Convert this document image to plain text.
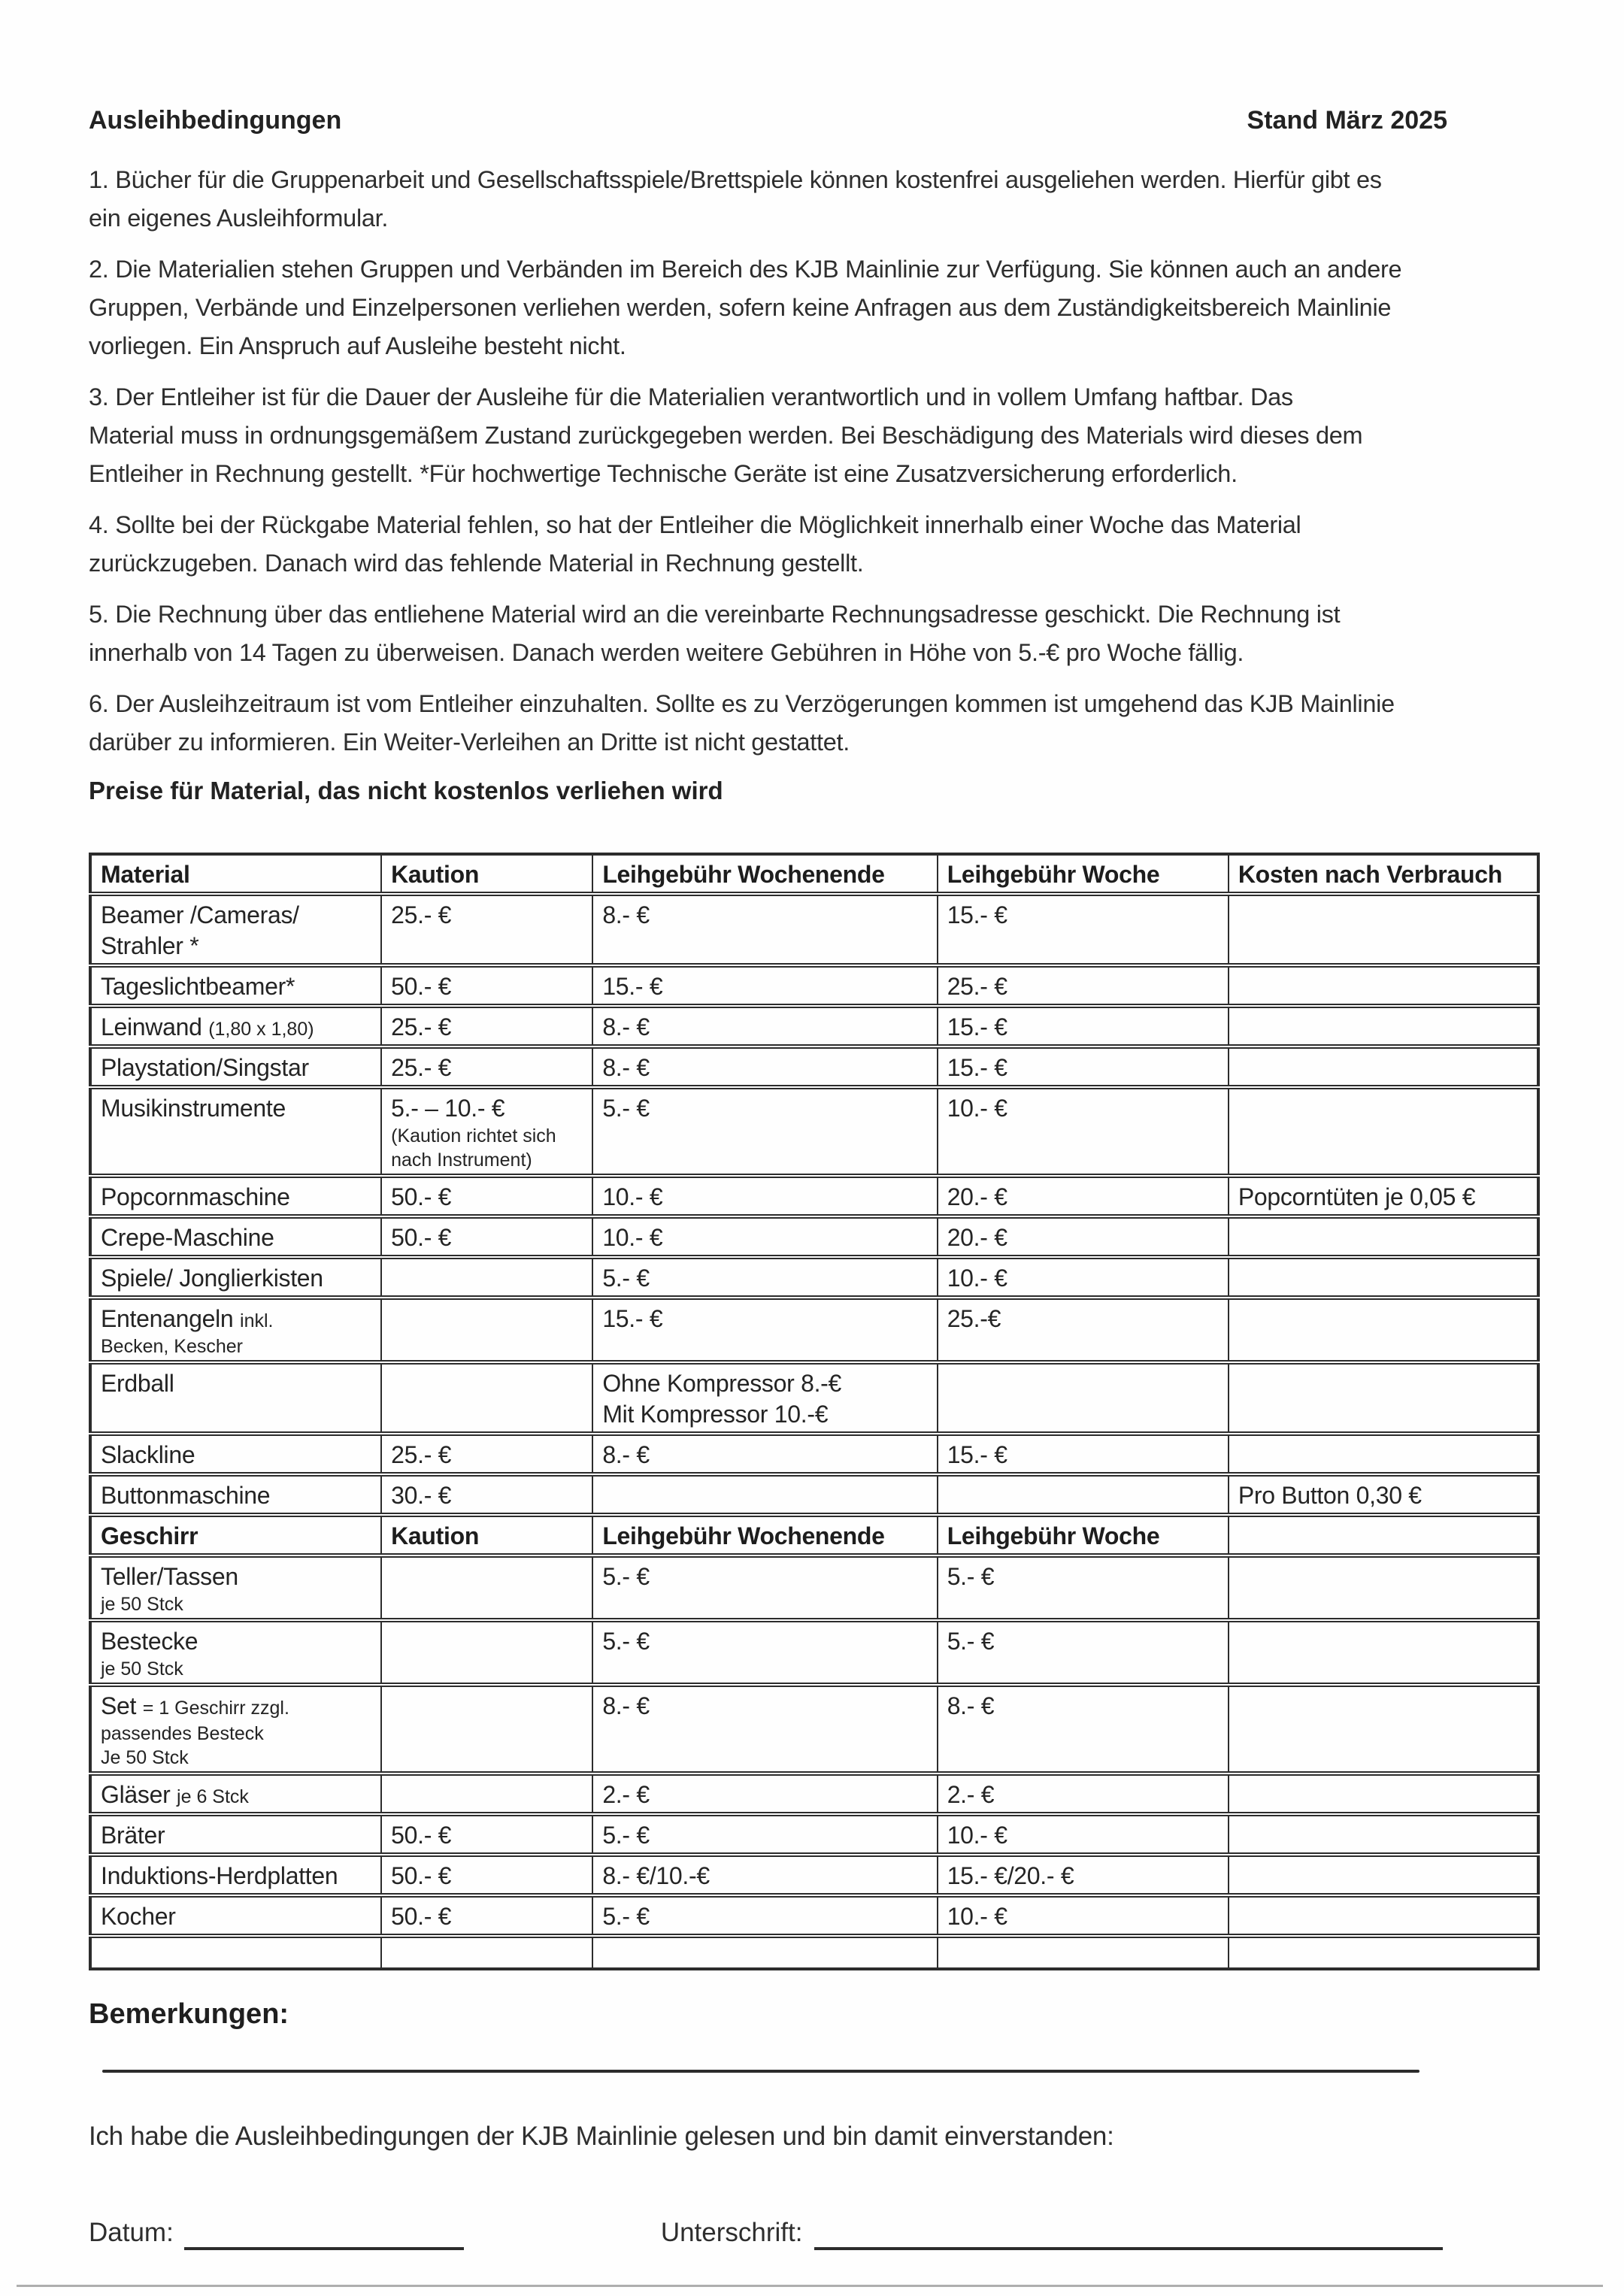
Ausleihbedingungen	Stand März 2025
1. Bücher für die Gruppenarbeit und Gesellschaftsspiele/Brettspiele können kostenfrei ausgeliehen werden. Hierfür gibt es
ein eigenes Ausleihformular.
2. Die Materialien stehen Gruppen und Verbänden im Bereich des KJB Mainlinie zur Verfügung. Sie können auch an andere
Gruppen, Verbände und Einzelpersonen verliehen werden, sofern keine Anfragen aus dem Zuständigkeitsbereich Mainlinie
vorliegen. Ein Anspruch auf Ausleihe besteht nicht.
3. Der Entleiher ist für die Dauer der Ausleihe für die Materialien verantwortlich und in vollem Umfang haftbar. Das
Material muss in ordnungsgemäßem Zustand zurückgegeben werden. Bei Beschädigung des Materials wird dieses dem
Entleiher in Rechnung gestellt. *Für hochwertige Technische Geräte ist eine Zusatzversicherung erforderlich.
4. Sollte bei der Rückgabe Material fehlen, so hat der Entleiher die Möglichkeit innerhalb einer Woche das Material
zurückzugeben. Danach wird das fehlende Material in Rechnung gestellt.
5. Die Rechnung über das entliehene Material wird an die vereinbarte Rechnungsadresse geschickt. Die Rechnung ist
innerhalb von 14 Tagen zu überweisen. Danach werden weitere Gebühren in Höhe von 5.-€ pro Woche fällig.
6. Der Ausleihzeitraum ist vom Entleiher einzuhalten. Sollte es zu Verzögerungen kommen ist umgehend das KJB Mainlinie
darüber zu informieren. Ein Weiter-Verleihen an Dritte ist nicht gestattet.
Preise für Material, das nicht kostenlos verliehen wird
Material	Kaution	Leihgebühr Wochenende	Leihgebühr Woche	Kosten nach Verbrauch
Beamer /Cameras/
Strahler *	25.- €	8.- €	15.- €	
Tageslichtbeamer*	50.- €	15.- €	25.- €	
Leinwand (1,80 x 1,80)	25.- €	8.- €	15.- €	
Playstation/Singstar	25.- €	8.- €	15.- €	
Musikinstrumente	5.- – 10.- €
(Kaution richtet sich
nach Instrument)	5.- €	10.- €	
Popcornmaschine	50.- €	10.- €	20.- €	Popcorntüten je 0,05 €
Crepe-Maschine	50.- €	10.- €	20.- €	
Spiele/ Jonglierkisten		5.- €	10.- €	
Entenangeln inkl.
Becken, Kescher		15.- €	25.-€	
Erdball		Ohne Kompressor 8.-€
Mit Kompressor 10.-€		

Slackline	25.- €	8.- €	15.- €	
Buttonmaschine	30.- €			Pro Button 0,30 €
Geschirr	Kaution	Leihgebühr Wochenende	Leihgebühr Woche	
Teller/Tassen
je 50 Stck		5.- €	5.- €	
Bestecke
je 50 Stck		5.- €	5.- €	
Set = 1 Geschirr zzgl.
passendes Besteck
Je 50 Stck		8.- €	8.- €	
Gläser je 6 Stck		2.- €	2.- €	
Bräter	50.- €	5.- €	10.- €	
Induktions-Herdplatten	50.- €	8.- €/10.-€	15.- €/20.- €	
Kocher	50.- €	5.- €	10.- €	

Bemerkungen:
Ich habe die Ausleihbedingungen der KJB Mainlinie gelesen und bin damit einverstanden:
Datum:	Unterschrift:
